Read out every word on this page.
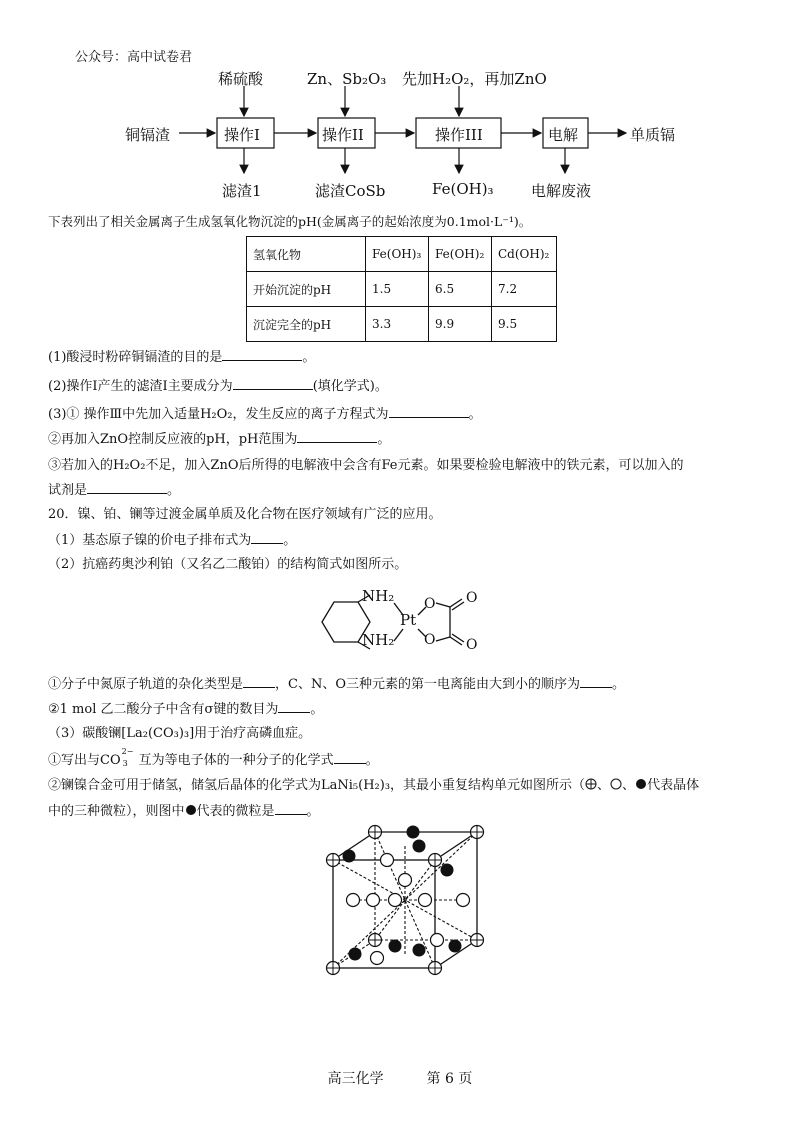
公众号：高中试卷君
稀硫酸	Zn、Sb₂O₃ 先加H₂O₂，再加ZnO
铜镉渣	操作I	操作II	操作III	电解	单质镉
滤渣1	滤渣CoSb	Fe(OH)₃ 电解废液
下表列出了相关金属离子生成氢氧化物沉淀的pH(金属离子的起始浓度为0.1mol·L⁻¹)。
氢氧化物	Fe(OH)₃	Fe(OH)₂	Cd(OH)₂
开始沉淀的pH	1.5	6.5	7.2
沉淀完全的pH	3.3	9.9	9.5
(1)酸浸时粉碎铜镉渣的目的是	。
(2)操作Ⅰ产生的滤渣Ⅰ主要成分为	(填化学式)。
(3)① 操作Ⅲ中先加入适量H₂O₂，发生反应的离子方程式为	。
②再加入ZnO控制反应液的pH，pH范围为	。
③若加入的H₂O₂不足，加入ZnO后所得的电解液中会含有Fe元素。如果要检验电解液中的铁元素，可以加入的
试剂是	。
20．镍、铂、镧等过渡金属单质及化合物在医疗领域有广泛的应用。
（1）基态原子镍的价电子排布式为 。
（2）抗癌药奥沙利铂（又名乙二酸铂）的结构简式如图所示。
NH₂
NH₂
Pt
O
O
O
O
①分子中氮原子轨道的杂化类型是 ，C、N、O三种元素的第一电离能由大到小的顺序为 。
②1 mol 乙二酸分子中含有σ键的数目为 。
（3）碳酸镧[La₂(CO₃)₃]用于治疗高磷血症。
①写出与CO
2−
3 互为等电子体的一种分子的化学式 。
②镧镍合金可用于储氢，储氢后晶体的化学式为LaNi₅(H₂)₃，其最小重复结构单元如图所示（ 、 、 代表晶体
中的三种微粒），则图中 代表的微粒是 。
高三化学	第 6 页
